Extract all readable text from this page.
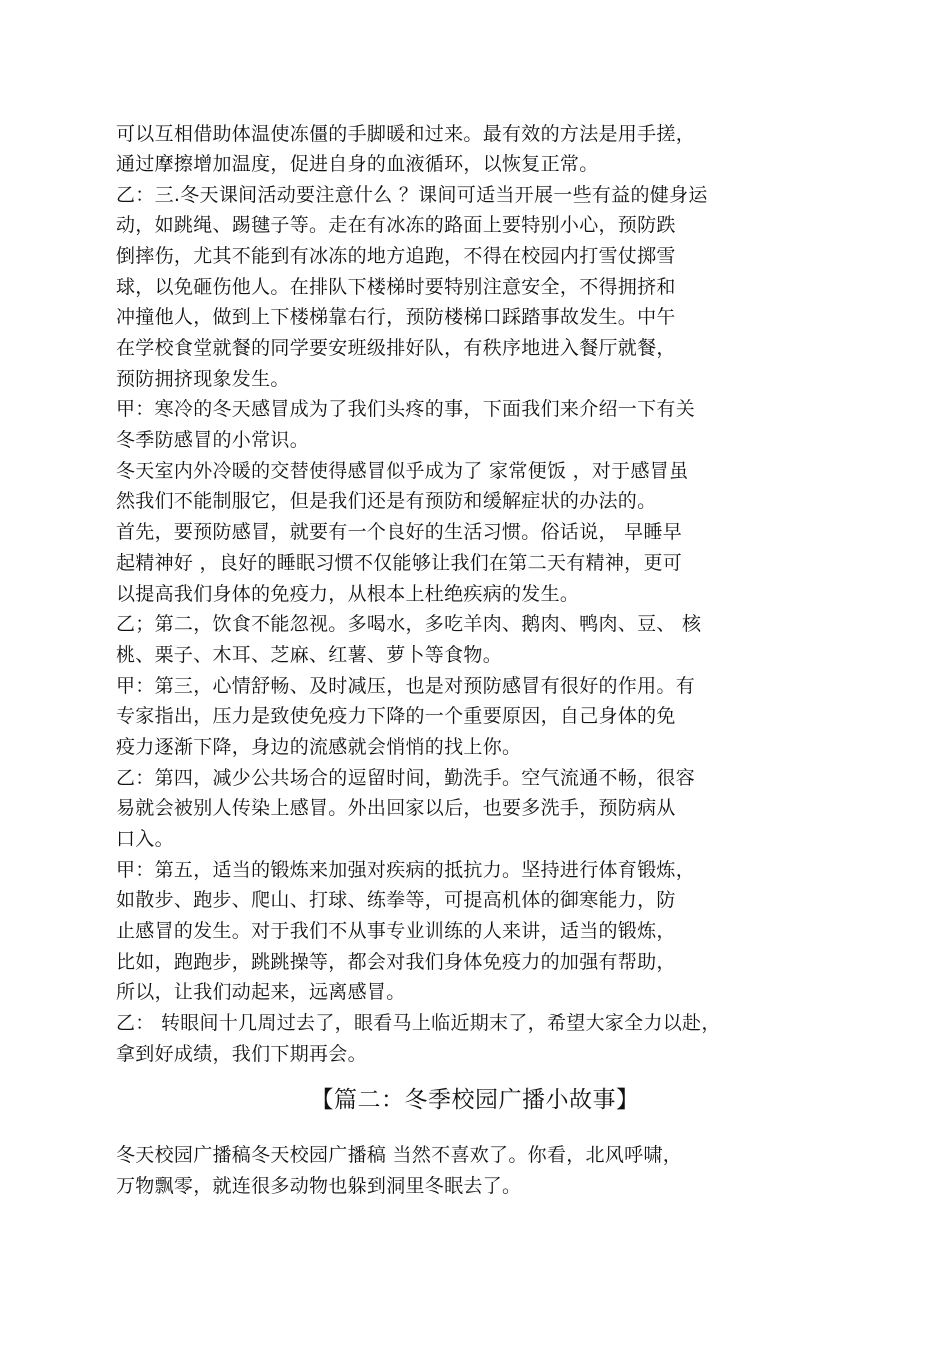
可以互相借助体温使冻僵的手脚暖和过来。最有效的方法是用手搓，
通过摩擦增加温度，促进自身的血液循环，以恢复正常。
乙：三.冬天课间活动要注意什么 ？课间可适当开展一些有益的健身运
动，如跳绳、踢毽子等。走在有冰冻的路面上要特别小心，预防跌
倒摔伤，尤其不能到有冰冻的地方追跑，不得在校园内打雪仗掷雪
球，以免砸伤他人。在排队下楼梯时要特别注意安全，不得拥挤和
冲撞他人，做到上下楼梯靠右行，预防楼梯口踩踏事故发生。中午
在学校食堂就餐的同学要安班级排好队，有秩序地进入餐厅就餐，
预防拥挤现象发生。
甲：寒冷的冬天感冒成为了我们头疼的事，下面我们来介绍一下有关
冬季防感冒的小常识。
冬天室内外冷暖的交替使得感冒似乎成为了 家常便饭 ，对于感冒虽
然我们不能制服它，但是我们还是有预防和缓解症状的办法的。
首先，要预防感冒，就要有一个良好的生活习惯。俗话说， 早睡早
起精神好 ，良好的睡眠习惯不仅能够让我们在第二天有精神，更可
以提高我们身体的免疫力，从根本上杜绝疾病的发生。
乙；第二，饮食不能忽视。多喝水，多吃羊肉、鹅肉、鸭肉、豆、 核
桃、栗子、木耳、芝麻、红薯、萝卜等食物。
甲：第三，心情舒畅、及时减压，也是对预防感冒有很好的作用。有
专家指出，压力是致使免疫力下降的一个重要原因，自己身体的免
疫力逐渐下降，身边的流感就会悄悄的找上你。
乙：第四，减少公共场合的逗留时间，勤洗手。空气流通不畅，很容
易就会被别人传染上感冒。外出回家以后，也要多洗手，预防病从
口入。
甲：第五，适当的锻炼来加强对疾病的抵抗力。坚持进行体育锻炼，
如散步、跑步、爬山、打球、练拳等，可提高机体的御寒能力，防
止感冒的发生。对于我们不从事专业训练的人来讲，适当的锻炼，
比如，跑跑步，跳跳操等，都会对我们身体免疫力的加强有帮助，
所以，让我们动起来，远离感冒。
乙： 转眼间十几周过去了，眼看马上临近期末了，希望大家全力以赴，
拿到好成绩，我们下期再会。
【篇二：冬季校园广播小故事】
冬天校园广播稿冬天校园广播稿 当然不喜欢了。你看，北风呼啸，
万物飘零，就连很多动物也躲到洞里冬眠去了。
